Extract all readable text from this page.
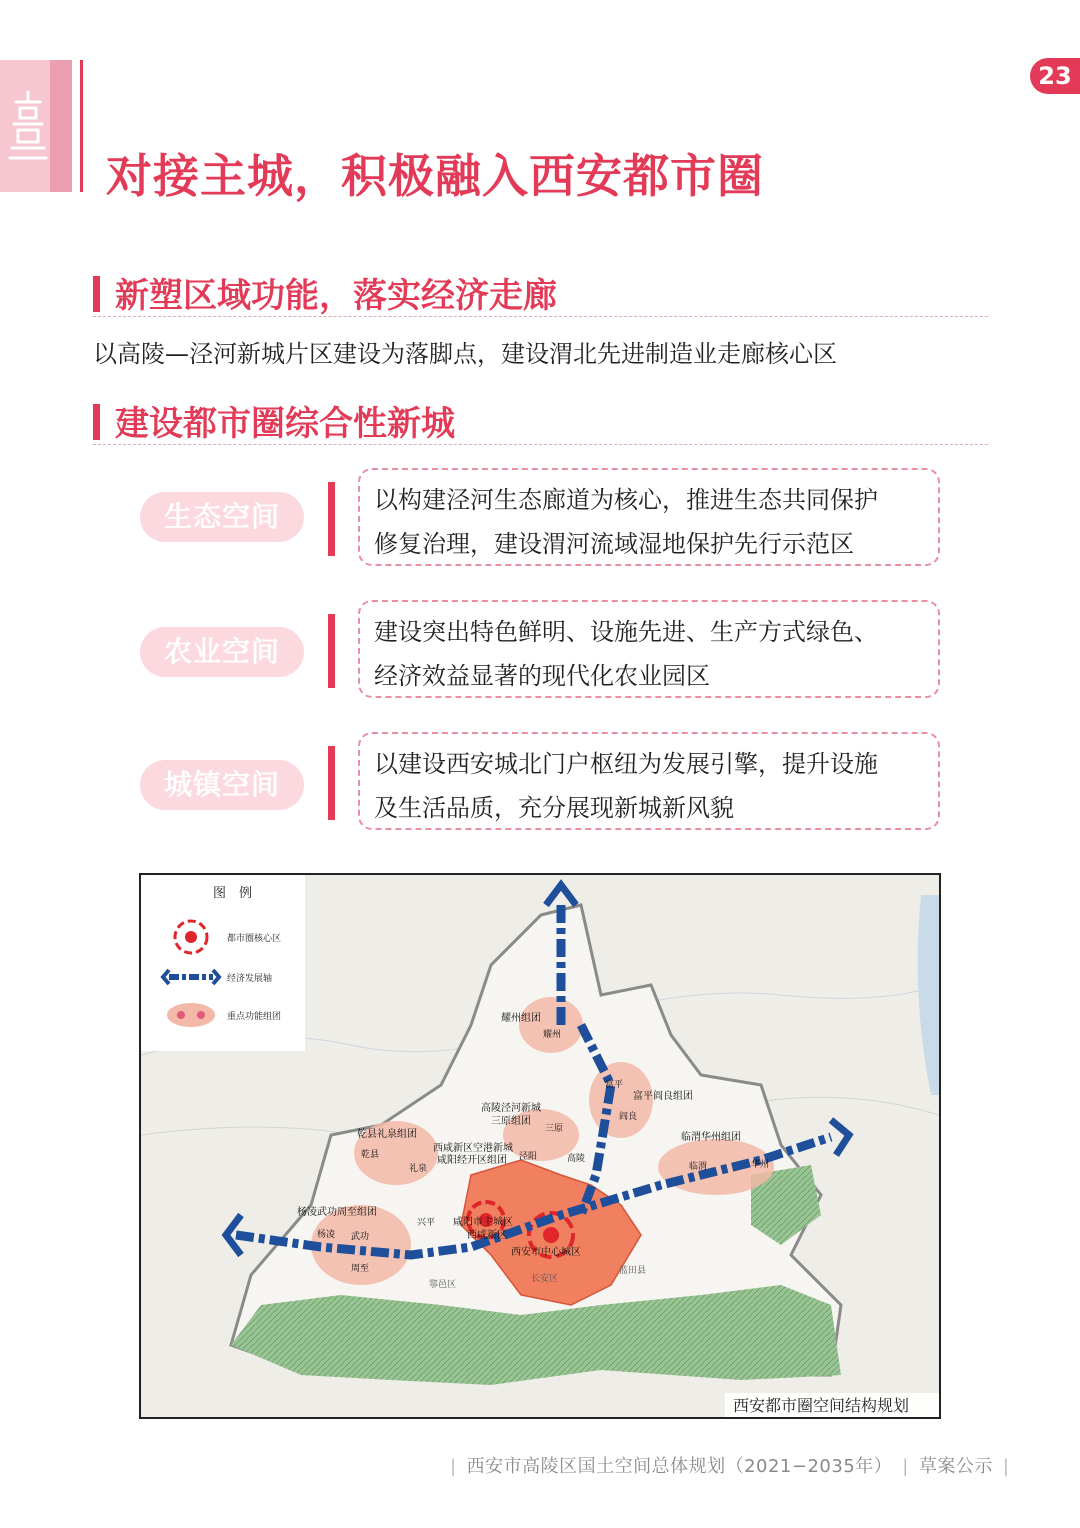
23
对接主城，积极融入西安都市圈
新塑区域功能，落实经济走廊
以高陵—泾河新城片区建设为落脚点，建设渭北先进制造业走廊核心区
建设都市圈综合性新城
生态空间	以构建泾河生态廊道为核心，推进生态共同保护
修复治理，建设渭河流域湿地保护先行示范区
农业空间
建设突出特色鲜明、设施先进、生产方式绿色、
经济效益显著的现代化农业园区
城镇空间
以建设西安城北门户枢纽为发展引擎，提升设施
及生活品质，充分展现新城新风貌
图　例
都市圈核心区
经济发展轴
重点功能组团	耀州组团
耀州
高陵泾河新城
三原组团
三原
高陵
富平阎良组团
富平
阎良
乾县礼泉组团
乾县
礼泉
西咸新区空港新城
咸阳经开区组团 泾阳
临渭华州组团
临渭	华州
杨凌武功周至组团
杨凌 武功
周至
咸阳市主城区
西咸新区
西安市中心城区
长安区
蓝田县
鄠邑区
兴平
西安都市圈空间结构规划
| 西安市高陵区国土空间总体规划（2021−2035年） | 草案公示 |
